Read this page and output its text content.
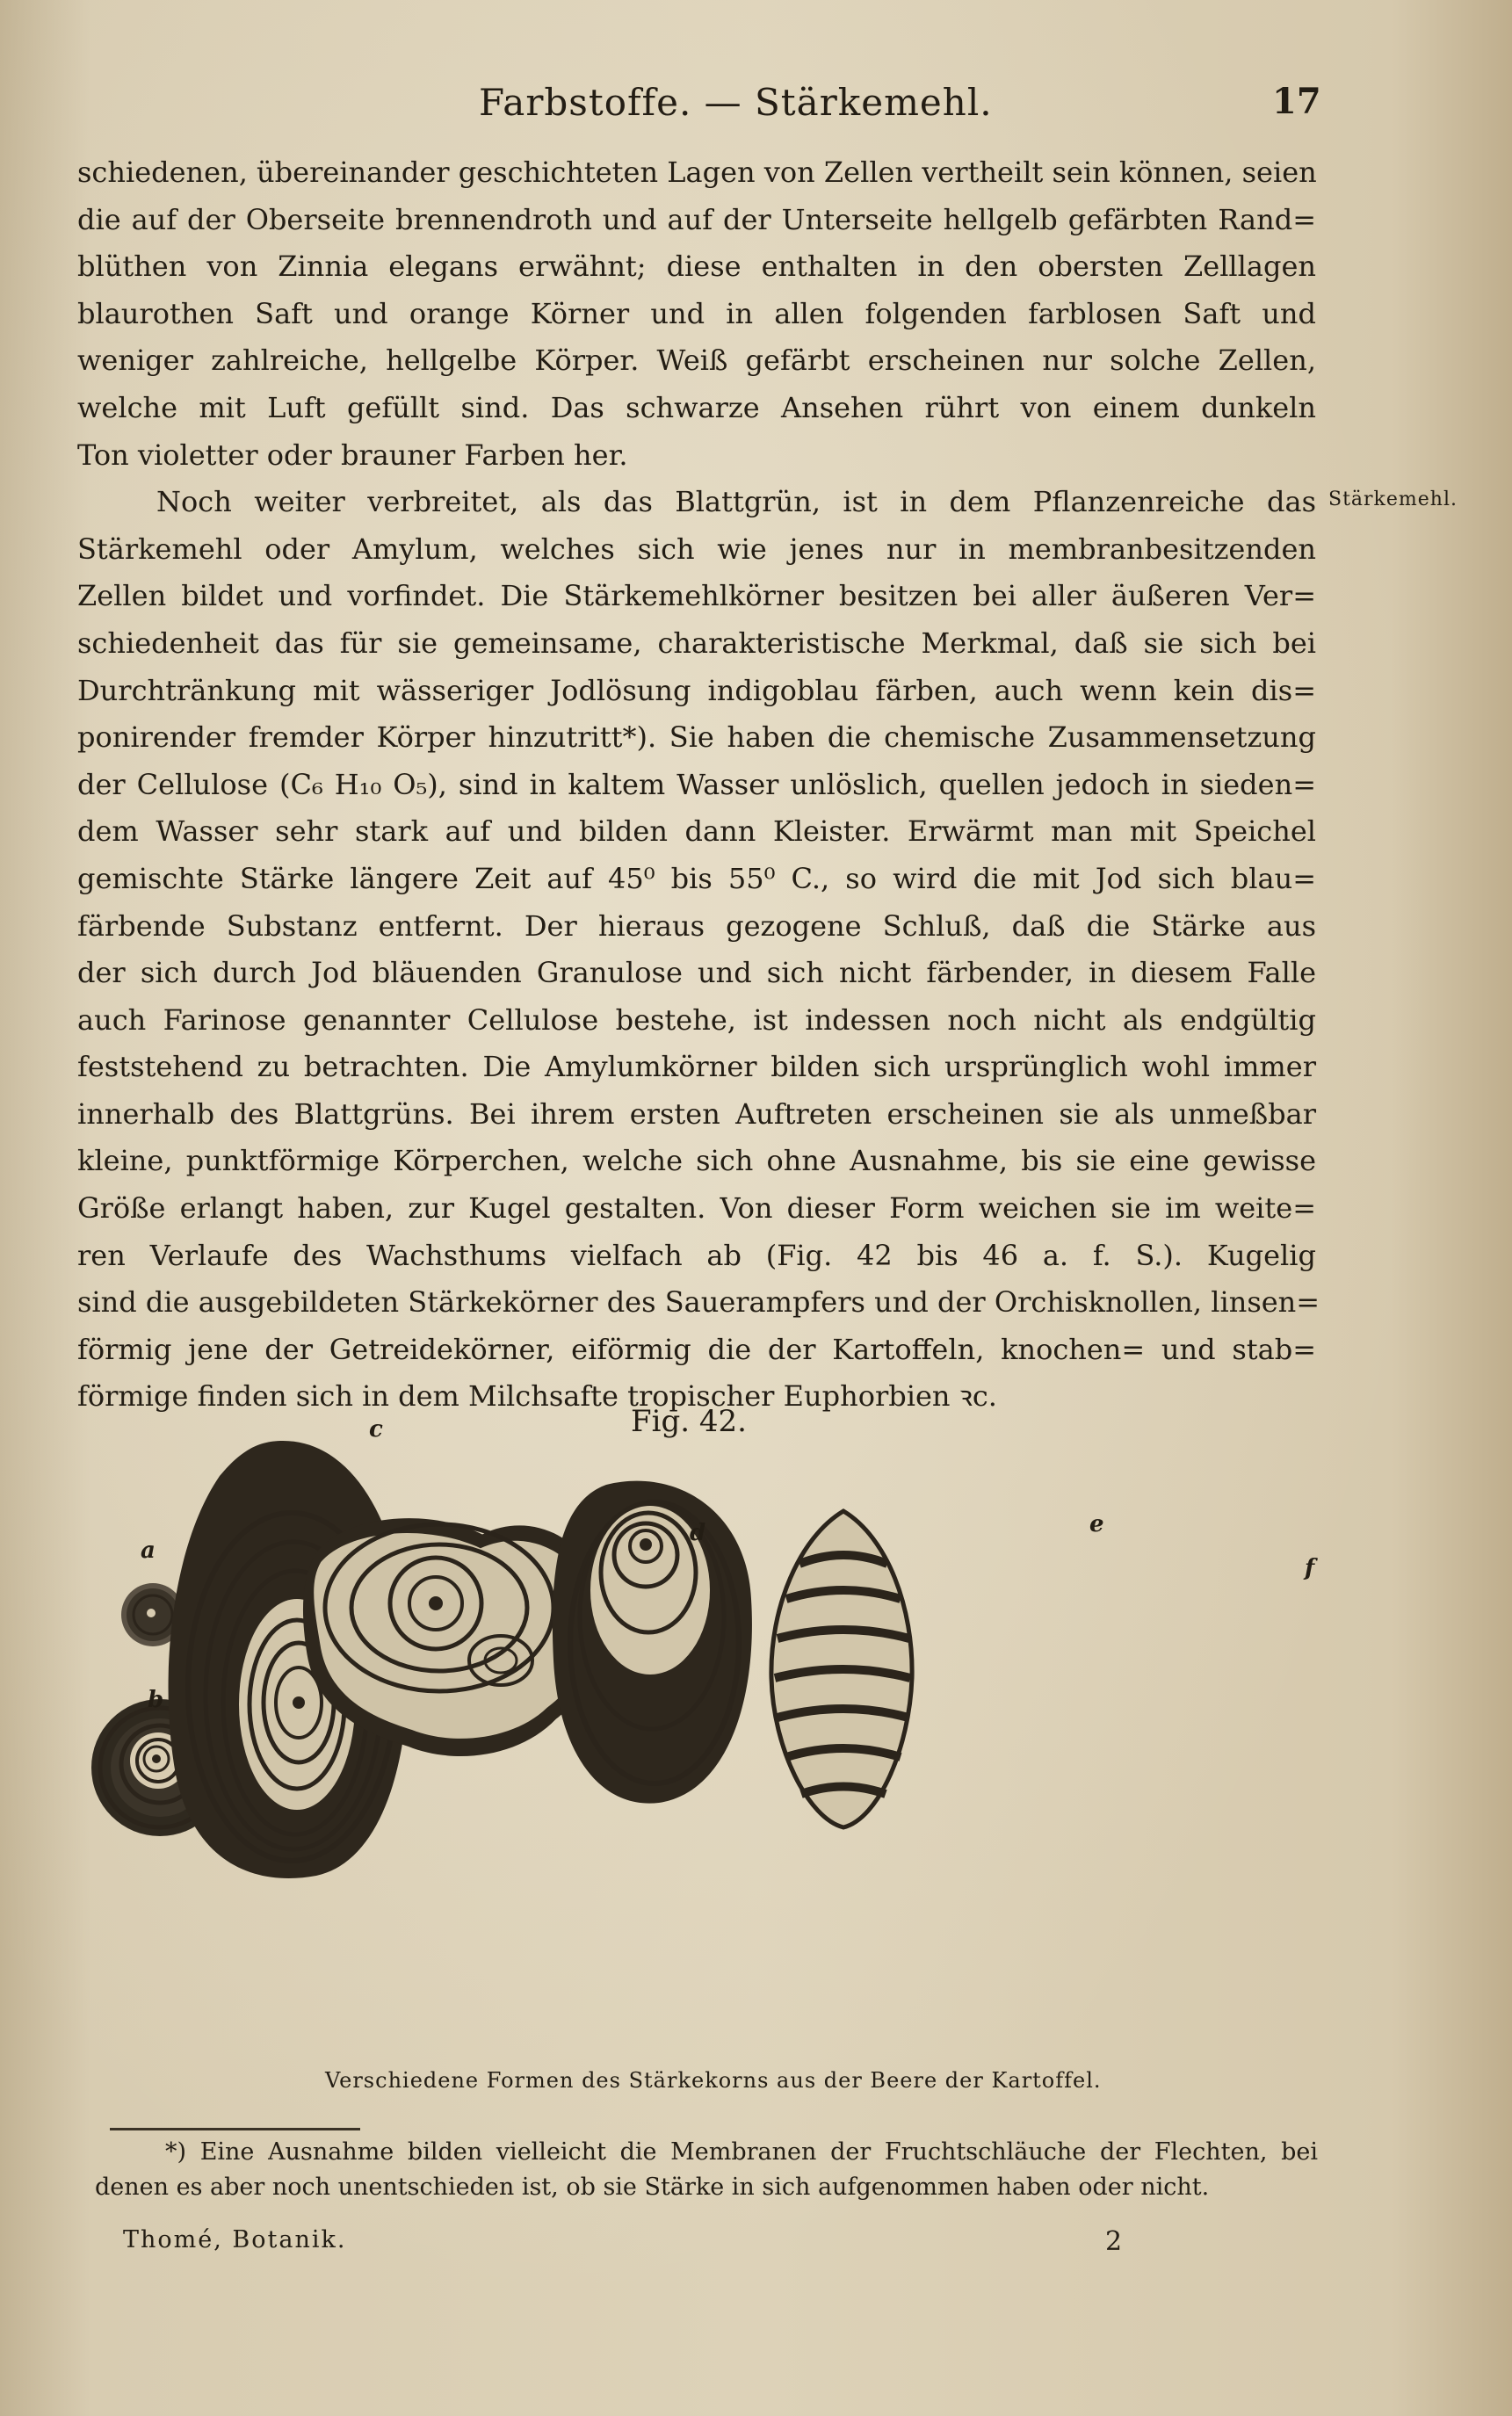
Farbstoffe. — Stärkemehl.	17
Stärkemehl.
schiedenen, übereinander geschichteten Lagen von Zellen vertheilt sein können, seien
die auf der Oberseite brennendroth und auf der Unterseite hellgelb gefärbten Rand=
blüthen von Zinnia elegans erwähnt; diese enthalten in den obersten Zelllagen
blaurothen Saft und orange Körner und in allen folgenden farblosen Saft und
weniger zahlreiche, hellgelbe Körper. Weiß gefärbt erscheinen nur solche Zellen,
welche mit Luft gefüllt sind. Das schwarze Ansehen rührt von einem dunkeln
Ton violetter oder brauner Farben her.
Noch weiter verbreitet, als das Blattgrün, ist in dem Pflanzenreiche das
Stärkemehl oder Amylum, welches sich wie jenes nur in membranbesitzenden
Zellen bildet und vorfindet. Die Stärkemehlkörner besitzen bei aller äußeren Ver=
schiedenheit das für sie gemeinsame, charakteristische Merkmal, daß sie sich bei
Durchtränkung mit wässeriger Jodlösung indigoblau färben, auch wenn kein dis=
ponirender fremder Körper hinzutritt*). Sie haben die chemische Zusammensetzung
der Cellulose (C₆ H₁₀ O₅), sind in kaltem Wasser unlöslich, quellen jedoch in sieden=
dem Wasser sehr stark auf und bilden dann Kleister. Erwärmt man mit Speichel
gemischte Stärke längere Zeit auf 45⁰ bis 55⁰ C., so wird die mit Jod sich blau=
färbende Substanz entfernt. Der hieraus gezogene Schluß, daß die Stärke aus
der sich durch Jod bläuenden Granulose und sich nicht färbender, in diesem Falle
auch Farinose genannter Cellulose bestehe, ist indessen noch nicht als endgültig
feststehend zu betrachten. Die Amylumkörner bilden sich ursprünglich wohl immer
innerhalb des Blattgrüns. Bei ihrem ersten Auftreten erscheinen sie als unmeßbar
kleine, punktförmige Körperchen, welche sich ohne Ausnahme, bis sie eine gewisse
Größe erlangt haben, zur Kugel gestalten. Von dieser Form weichen sie im weite=
ren Verlaufe des Wachsthums vielfach ab (Fig. 42 bis 46 a. f. S.). Kugelig
sind die ausgebildeten Stärkekörner des Sauerampfers und der Orchisknollen, linsen=
förmig jene der Getreidekörner, eiförmig die der Kartoffeln, knochen= und stab=
förmige finden sich in dem Milchsafte tropischer Euphorbien ꝛc.
Fig. 42.
a
b
c
d	e
f
Verschiedene Formen des Stärkekorns aus der Beere der Kartoffel.
*) Eine Ausnahme bilden vielleicht die Membranen der Fruchtschläuche der Flechten, bei
denen es aber noch unentschieden ist, ob sie Stärke in sich aufgenommen haben oder nicht.
Thomé, Botanik.	2
